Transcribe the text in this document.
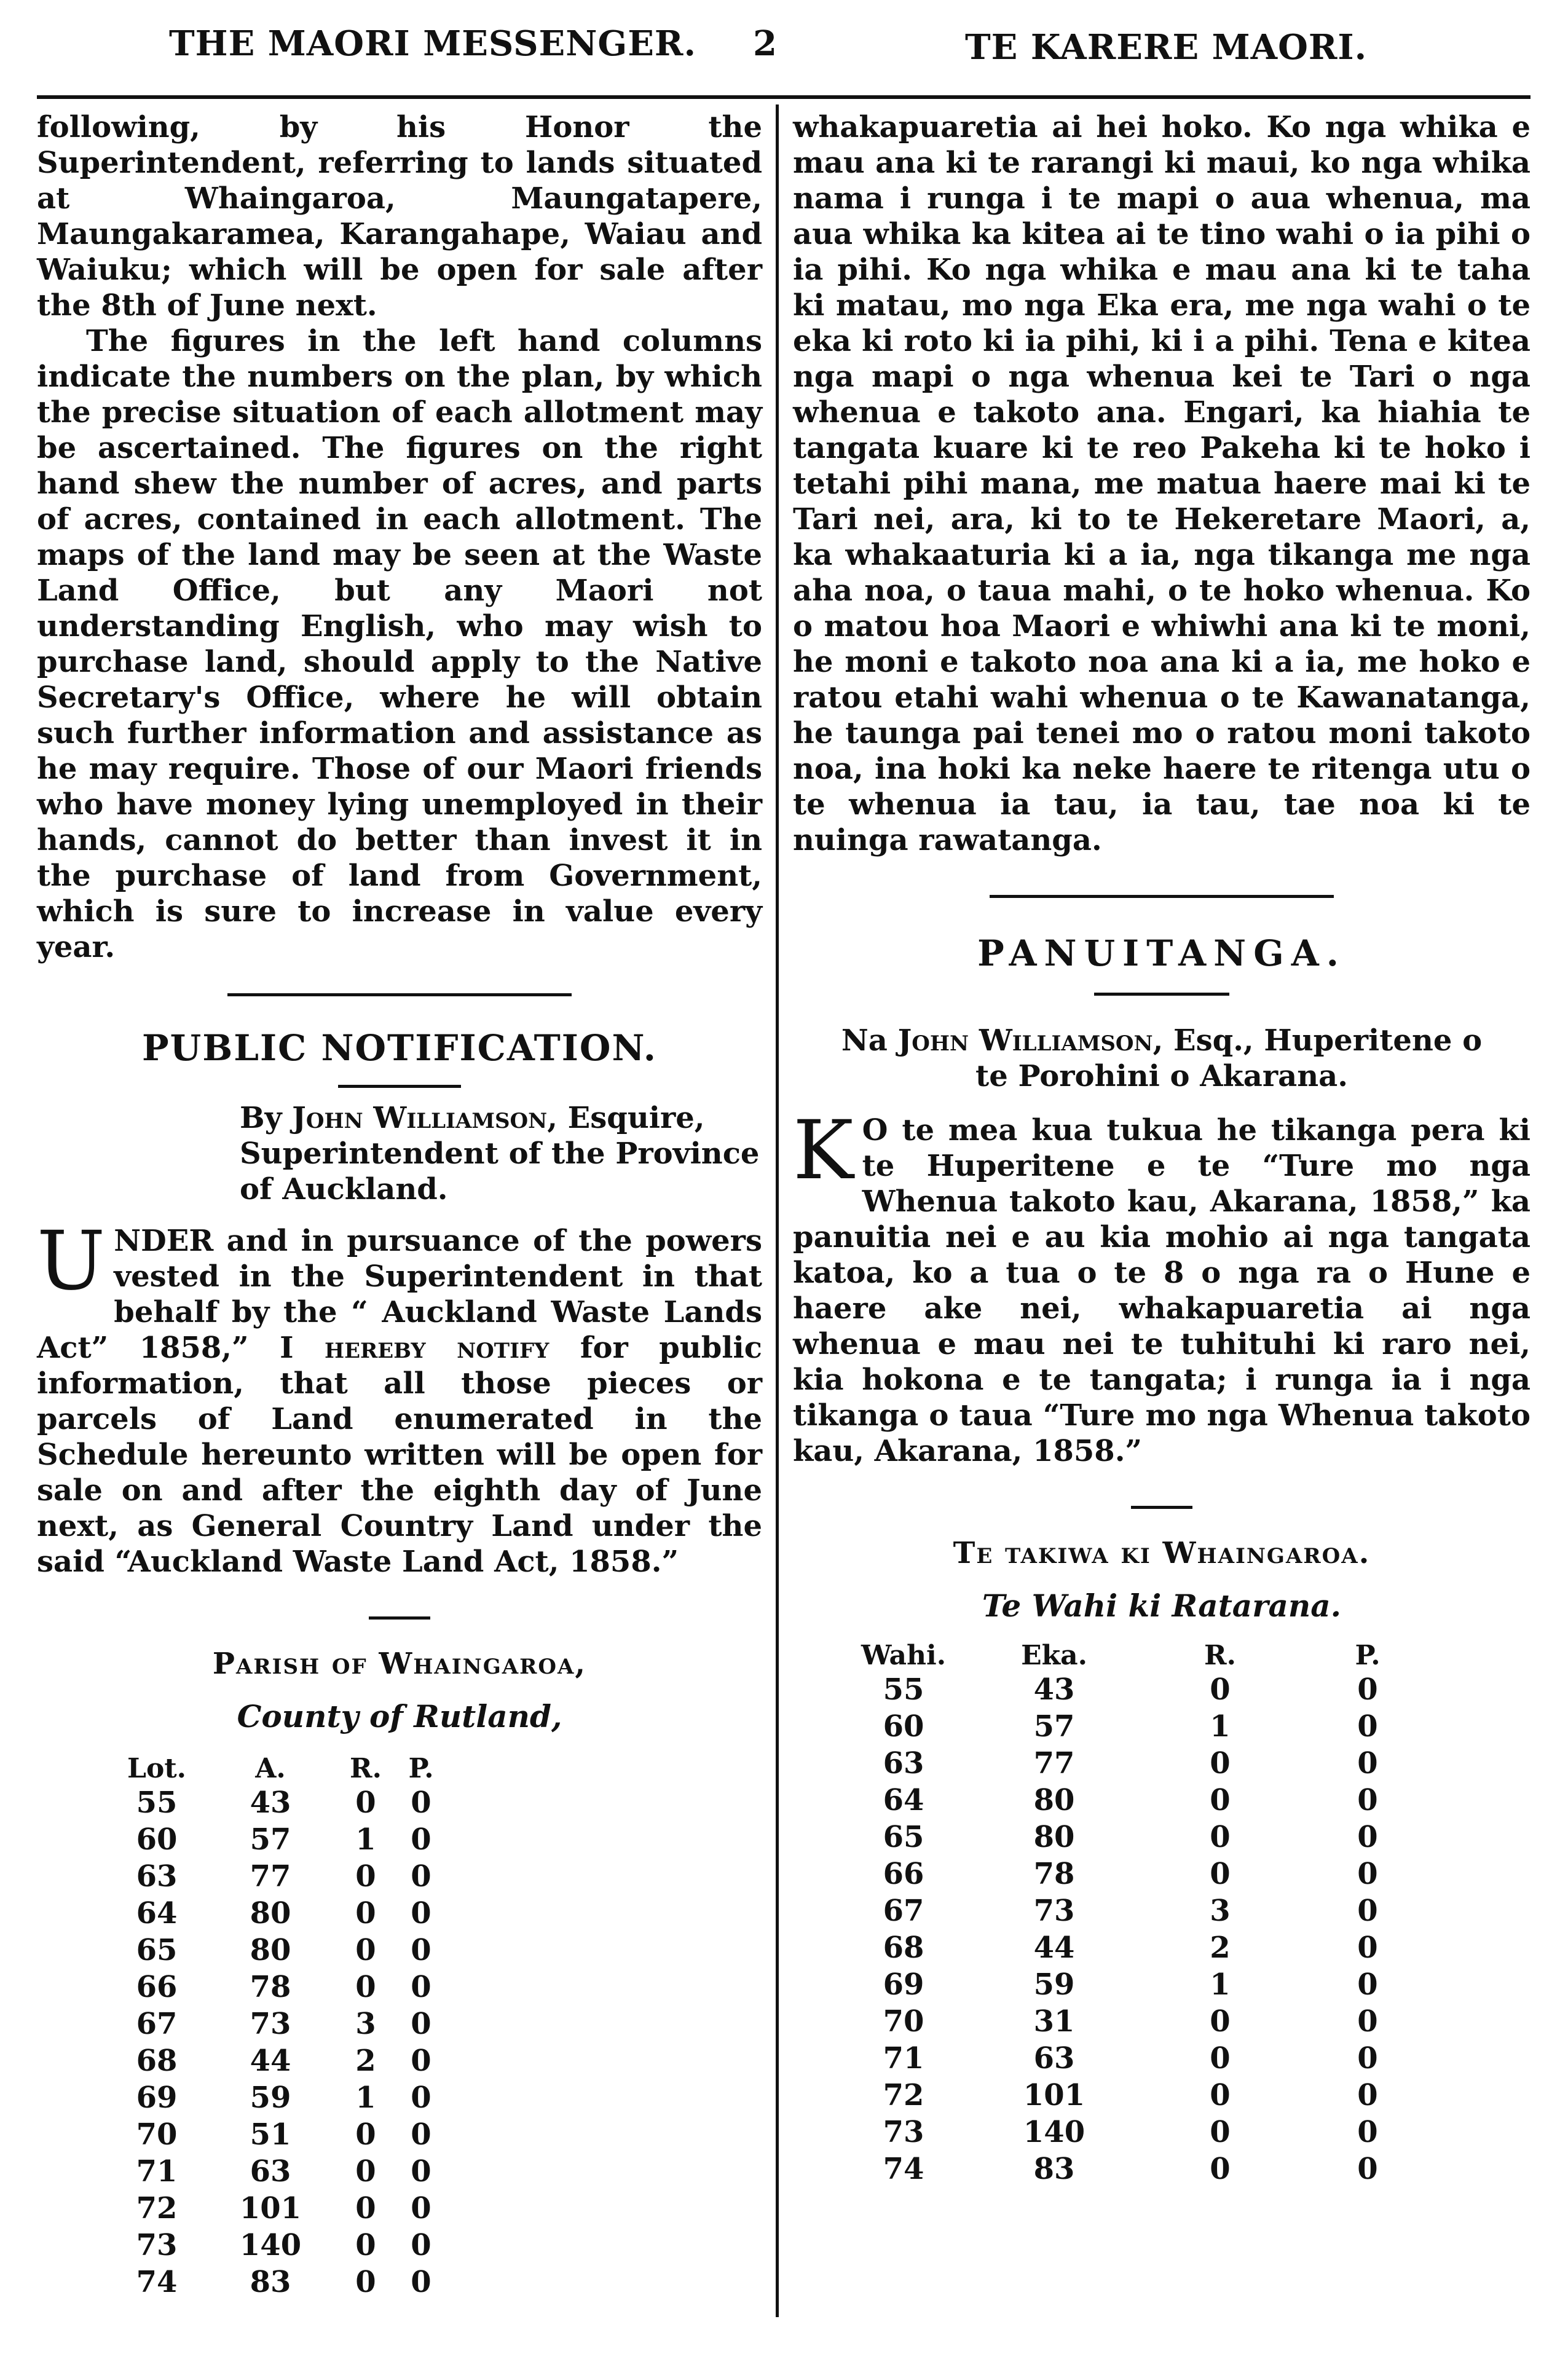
THE MAORI MESSENGER. 2	TE KARERE MAORI.

following, by his Honor the Superintendent, referring to lands situated at Whaingaroa, Maungatapere, Maungakaramea, Karangahape, Waiau and Waiuku; which will be open for sale after the 8th of June next.

The figures in the left hand columns indicate the numbers on the plan, by which the precise situation of each allotment may be ascertained. The figures on the right hand shew the number of acres, and parts of acres, contained in each allotment. The maps of the land may be seen at the Waste Land Office, but any Maori not understanding English, who may wish to purchase land, should apply to the Native Secretary's Office, where he will obtain such further information and assistance as he may require. Those of our Maori friends who have money lying unemployed in their hands, cannot do better than invest it in the purchase of land from Government, which is sure to increase in value every year.

PUBLIC NOTIFICATION.
By John Williamson, Esquire, Superintendent of the Province of Auckland.

UNDER and in pursuance of the powers vested in the Superintendent in that behalf by the “ Auckland Waste Lands Act” 1858,” I hereby notify for public information, that all those pieces or parcels of Land enumerated in the Schedule hereunto written will be open for sale on and after the eighth day of June next, as General Country Land under the said “Auckland Waste Land Act, 1858.”

Parish of Whaingaroa,
County of Rutland,
Lot.	A.	R.	P.
55	43	0	0
60	57	1	0
63	77	0	0
64	80	0	0
65	80	0	0
66	78	0	0
67	73	3	0
68	44	2	0
69	59	1	0
70	51	0	0
71	63	0	0
72	101	0	0
73	140	0	0
74	83	0	0

whakapuaretia ai hei hoko. Ko nga whika e mau ana ki te rarangi ki maui, ko nga whika nama i runga i te mapi o aua whenua, ma aua whika ka kitea ai te tino wahi o ia pihi o ia pihi. Ko nga whika e mau ana ki te taha ki matau, mo nga Eka era, me nga wahi o te eka ki roto ki ia pihi, ki i a pihi. Tena e kitea nga mapi o nga whenua kei te Tari o nga whenua e takoto ana. Engari, ka hiahia te tangata kuare ki te reo Pakeha ki te hoko i tetahi pihi mana, me matua haere mai ki te Tari nei, ara, ki to te Hekeretare Maori, a, ka whakaaturia ki a ia, nga tikanga me nga aha noa, o taua mahi, o te hoko whenua. Ko o matou hoa Maori e whiwhi ana ki te moni, he moni e takoto noa ana ki a ia, me hoko e ratou etahi wahi whenua o te Kawanatanga, he taunga pai tenei mo o ratou moni takoto noa, ina hoki ka neke haere te ritenga utu o te whenua ia tau, ia tau, tae noa ki te nuinga rawatanga.

PANUITANGA.
Na John Williamson, Esq., Huperitene o te Porohini o Akarana.

K O te mea kua tukua he tikanga pera ki te Huperitene e te “Ture mo nga Whenua takoto kau, Akarana, 1858,” ka panuitia nei e au kia mohio ai nga tangata katoa, ko a tua o te 8 o nga ra o Hune e haere ake nei, whakapuaretia ai nga whenua e mau nei te tuhituhi ki raro nei, kia hokona e te tangata; i runga ia i nga tikanga o taua “Ture mo nga Whenua takoto kau, Akarana, 1858.”

Te takiwa ki Whaingaroa.
Te Wahi ki Ratarana.
Wahi.	Eka.	R.	P.
55	43	0	0
60	57	1	0
63	77	0	0
64	80	0	0
65	80	0	0
66	78	0	0
67	73	3	0
68	44	2	0
69	59	1	0
70	31	0	0
71	63	0	0
72	101	0	0
73	140	0	0
74	83	0	0
